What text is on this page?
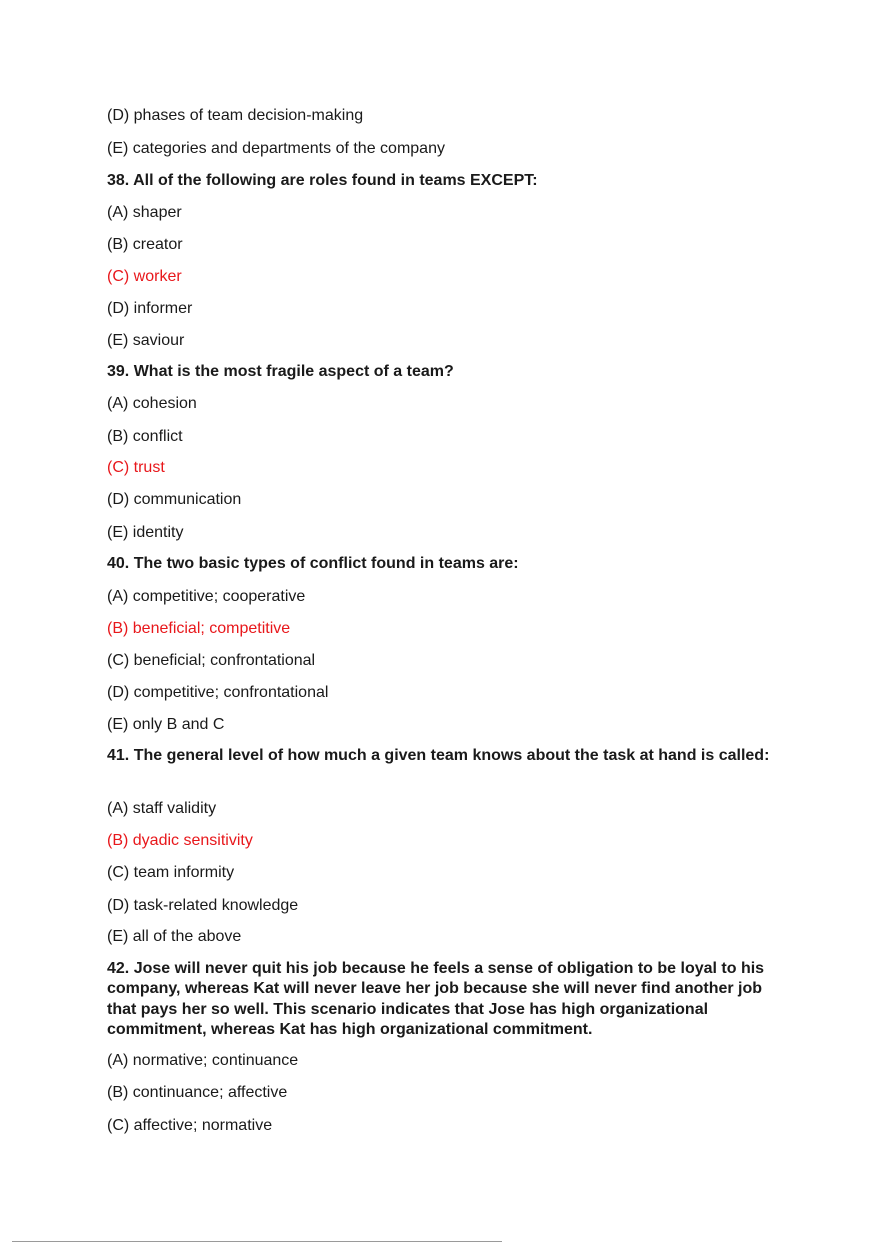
(D) phases of team decision-making
(E) categories and departments of the company
38. All of the following are roles found in teams EXCEPT:
(A) shaper
(B) creator
(C) worker
(D) informer
(E) saviour
39. What is the most fragile aspect of a team?
(A) cohesion
(B) conflict
(C) trust
(D) communication
(E) identity
40. The two basic types of conflict found in teams are:
(A) competitive; cooperative
(B) beneficial; competitive
(C) beneficial; confrontational
(D) competitive; confrontational
(E) only B and C
41. The general level of how much a given team knows about the task at hand is called:
(A) staff validity
(B) dyadic sensitivity
(C) team informity
(D) task-related knowledge
(E) all of the above
42. Jose will never quit his job because he feels a sense of obligation to be loyal to his company, whereas Kat will never leave her job because she will never find another job that pays her so well. This scenario indicates that Jose has high organizational commitment, whereas Kat has high organizational commitment.
(A) normative; continuance
(B) continuance; affective
(C) affective; normative
